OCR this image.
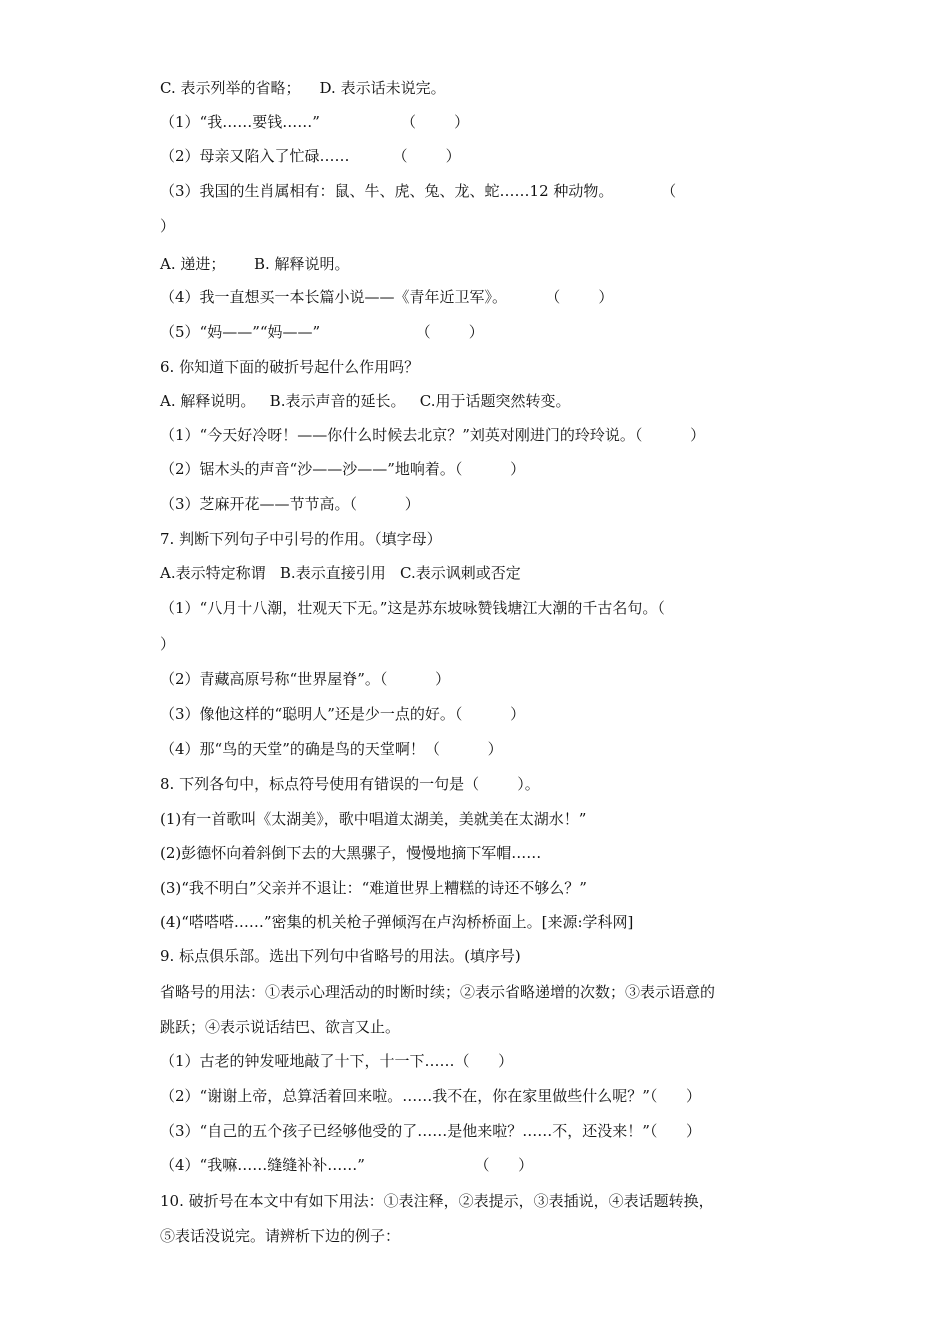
C. 表示列举的省略；    D. 表示话未说完。
（1）“我……要钱……”                 （        ）
（2）母亲又陷入了忙碌……         （        ）
（3）我国的生肖属相有：鼠、牛、虎、兔、龙、蛇……12 种动物。          （
）
A. 递进；      B. 解释说明。
（4）我一直想买一本长篇小说——《青年近卫军》。        （        ）
（5）“妈——”“妈——”                    （        ）
6. 你知道下面的破折号起什么作用吗？
A. 解释说明。   B.表示声音的延长。   C.用于话题突然转变。
（1）“今天好冷呀！——你什么时候去北京？”刘英对刚进门的玲玲说。（          ）
（2）锯木头的声音“沙——沙——”地响着。（          ）
（3）芝麻开花——节节高。（          ）
7. 判断下列句子中引号的作用。（填字母）
A.表示特定称谓   B.表示直接引用   C.表示讽刺或否定
（1）“八月十八潮，壮观天下无。”这是苏东坡咏赞钱塘江大潮的千古名句。（
）
（2）青藏高原号称“世界屋脊”。（          ）
（3）像他这样的“聪明人”还是少一点的好。（          ）
（4）那“鸟的天堂”的确是鸟的天堂啊！（          ）
8. 下列各句中，标点符号使用有错误的一句是（        ）。
(1)有一首歌叫《太湖美》，歌中唱道太湖美，美就美在太湖水！”
(2)彭德怀向着斜倒下去的大黑骡子，慢慢地摘下军帽……
(3)“我不明白”父亲并不退让：“难道世界上糟糕的诗还不够么？”
(4)“嗒嗒嗒……”密集的机关枪子弹倾泻在卢沟桥桥面上。[来源:学科网]
9. 标点俱乐部。选出下列句中省略号的用法。(填序号)
省略号的用法：①表示心理活动的时断时续；②表示省略递增的次数；③表示语意的
跳跃；④表示说话结巴、欲言又止。
（1）古老的钟发哑地敲了十下，十一下……（      ）
（2）“谢谢上帝，总算活着回来啦。……我不在，你在家里做些什么呢？”（      ）
（3）“自己的五个孩子已经够他受的了……是他来啦？……不，还没来！”（      ）
（4）“我嘛……缝缝补补……”                       （      ）
10. 破折号在本文中有如下用法：①表注释，②表提示，③表插说，④表话题转换，
⑤表话没说完。请辨析下边的例子：
